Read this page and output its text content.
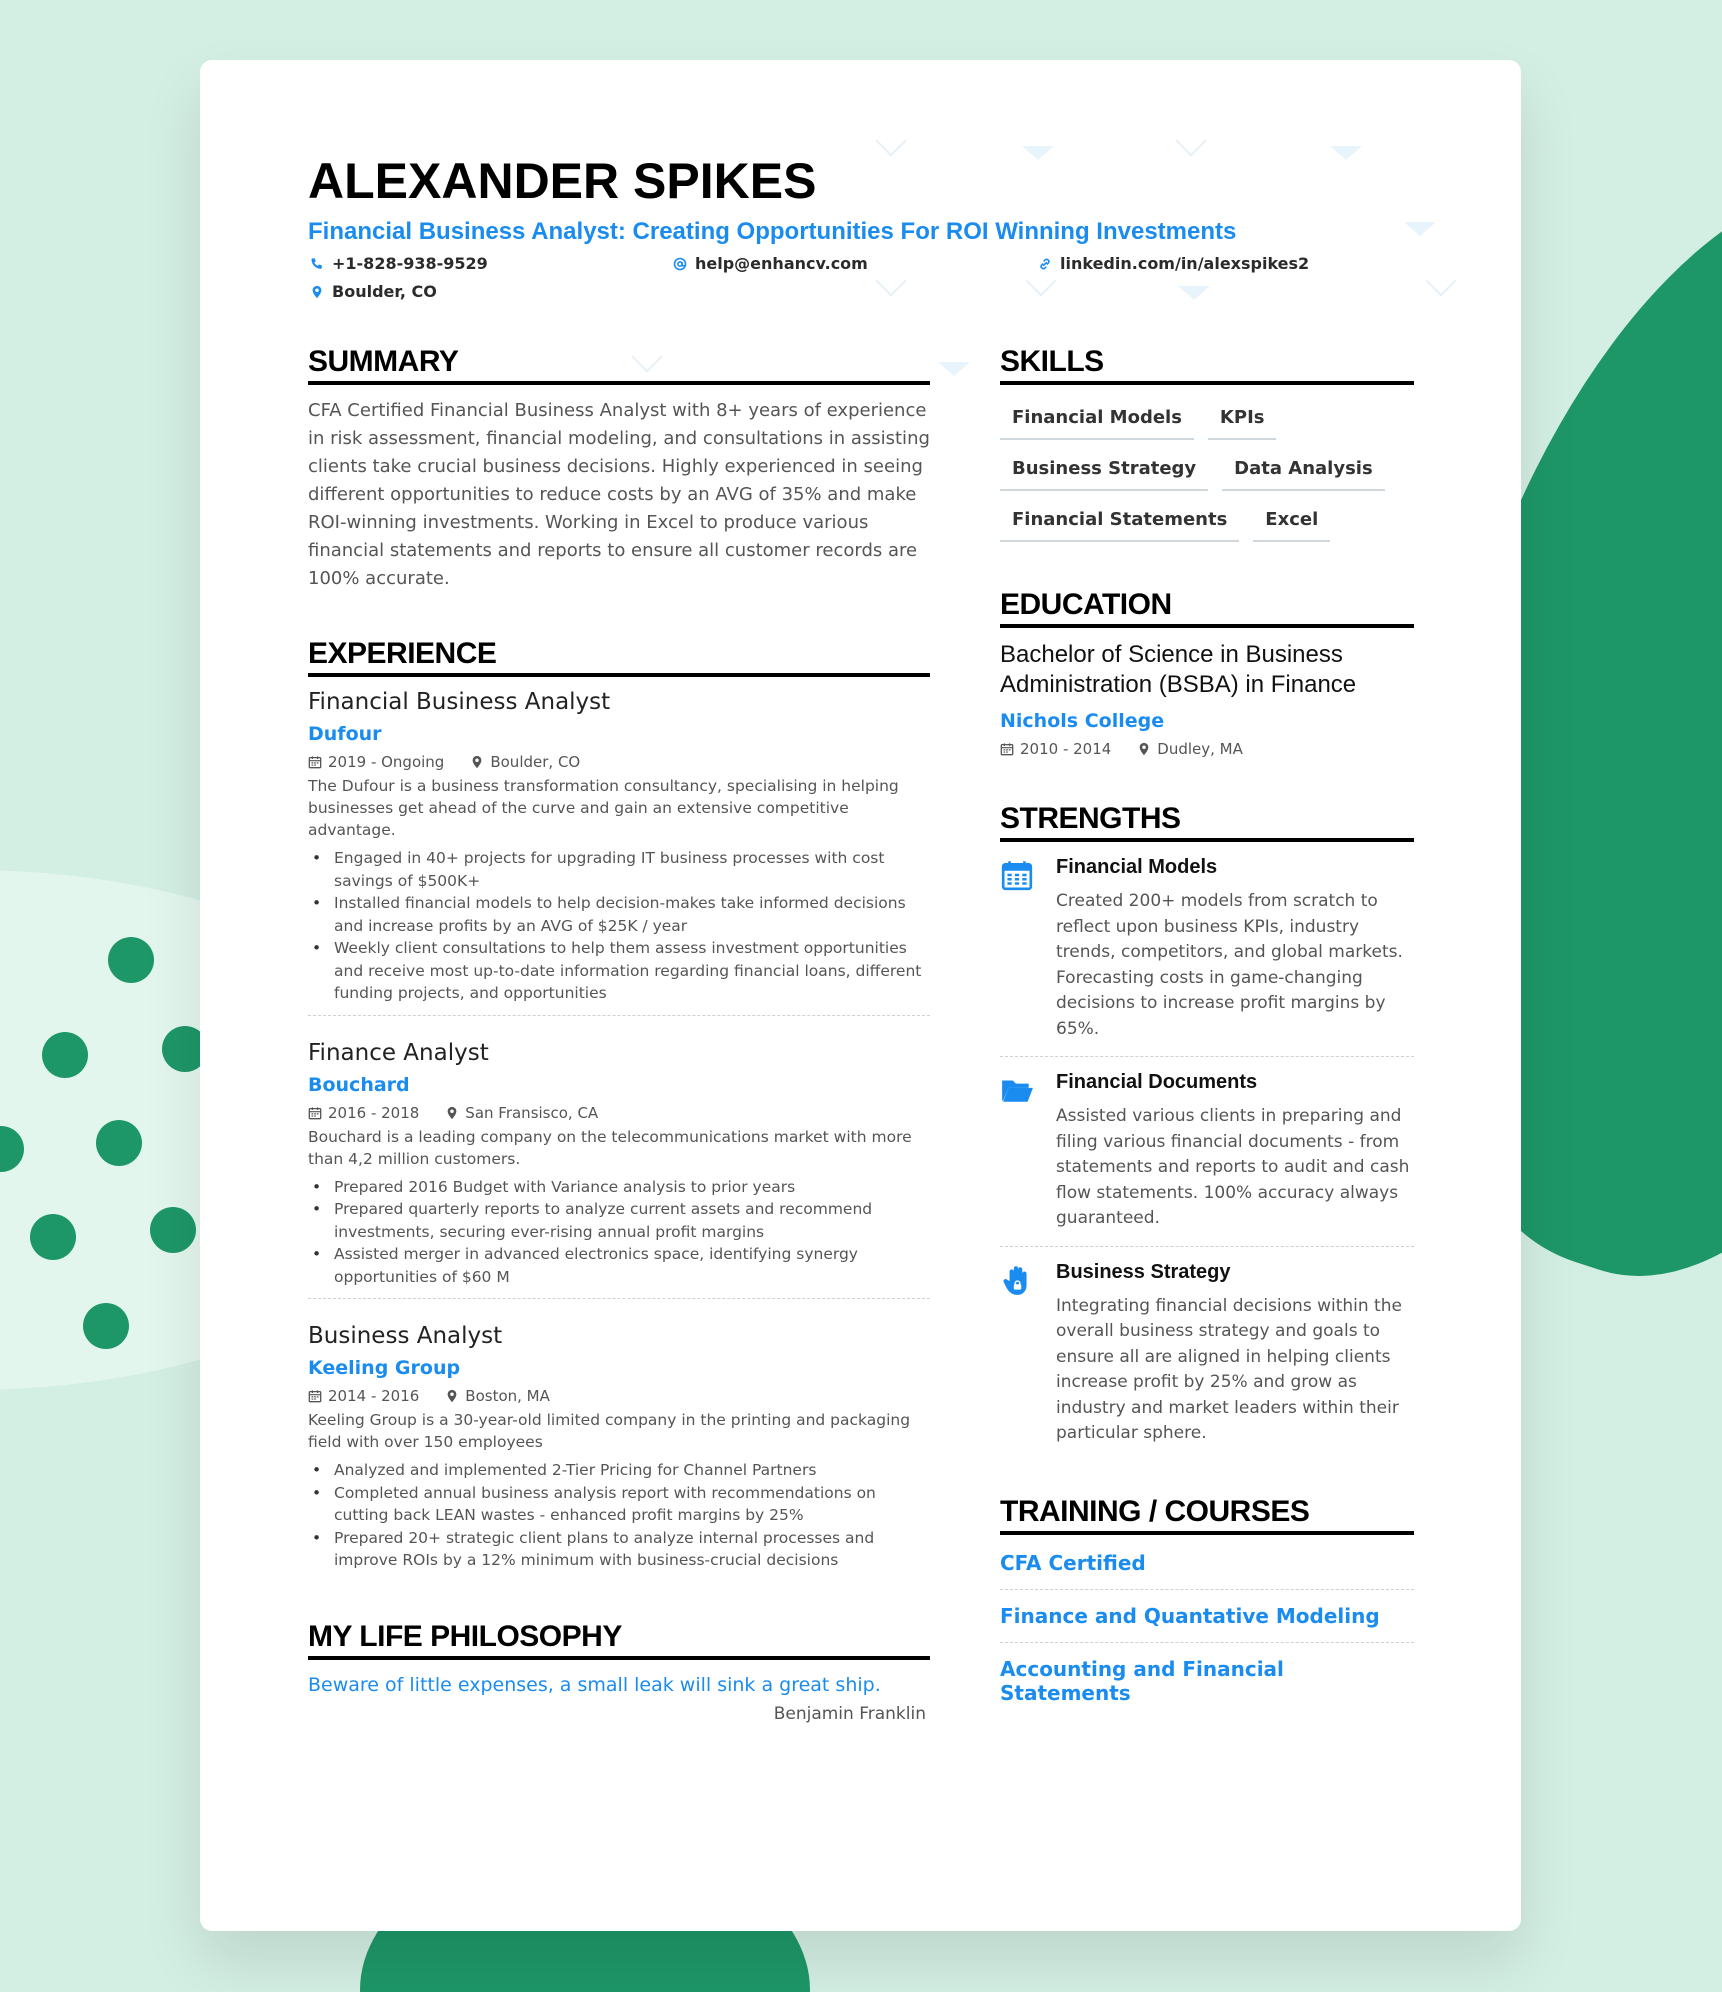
ALEXANDER SPIKES
Financial Business Analyst: Creating Opportunities For ROI Winning Investments
+1-828-938-9529	help@enhancv.com	linkedin.com/in/alexspikes2
Boulder, CO
SUMMARY

CFA Certified Financial Business Analyst with 8+ years of experience in risk assessment, financial modeling, and consultations in assisting clients take crucial business decisions. Highly experienced in seeing different opportunities to reduce costs by an AVG of 35% and make ROI-winning investments. Working in Excel to produce various financial statements and reports to ensure all customer records are 100% accurate.

EXPERIENCE
Financial Business Analyst
Dufour
2019 - Ongoing	Boulder, CO

The Dufour is a business transformation consultancy, specialising in helping businesses get ahead of the curve and gain an extensive competitive advantage.

• Engaged in 40+ projects for upgrading IT business processes with cost savings of $500K+
• Installed financial models to help decision-makes take informed decisions and increase profits by an AVG of $25K / year
• Weekly client consultations to help them assess investment opportunities and receive most up-to-date information regarding financial loans, different funding projects, and opportunities
Finance Analyst
Bouchard
2016 - 2018	San Fransisco, CA

Bouchard is a leading company on the telecommunications market with more than 4,2 million customers.

• Prepared 2016 Budget with Variance analysis to prior years
• Prepared quarterly reports to analyze current assets and recommend investments, securing ever-rising annual profit margins
• Assisted merger in advanced electronics space, identifying synergy opportunities of $60 M
Business Analyst
Keeling Group
2014 - 2016	Boston, MA

Keeling Group is a 30-year-old limited company in the printing and packaging field with over 150 employees

• Analyzed and implemented 2-Tier Pricing for Channel Partners
• Completed annual business analysis report with recommendations on cutting back LEAN wastes - enhanced profit margins by 25%
• Prepared 20+ strategic client plans to analyze internal processes and improve ROIs by a 12% minimum with business-crucial decisions
MY LIFE PHILOSOPHY

Beware of little expenses, a small leak will sink a great ship.

Benjamin Franklin

SKILLS
Financial Models	KPIs
Business Strategy	Data Analysis
Financial Statements	Excel
EDUCATION
Bachelor of Science in Business Administration (BSBA) in Finance
Nichols College
2010 - 2014	Dudley, MA
STRENGTHS
Financial Models

Created 200+ models from scratch to reflect upon business KPIs, industry trends, competitors, and global markets. Forecasting costs in game-changing decisions to increase profit margins by 65%.

Financial Documents

Assisted various clients in preparing and filing various financial documents - from statements and reports to audit and cash flow statements. 100% accuracy always guaranteed.

Business Strategy

Integrating financial decisions within the overall business strategy and goals to ensure all are aligned in helping clients increase profit by 25% and grow as industry and market leaders within their particular sphere.

TRAINING / COURSES
CFA Certified
Finance and Quantative Modeling
Accounting and Financial Statements
